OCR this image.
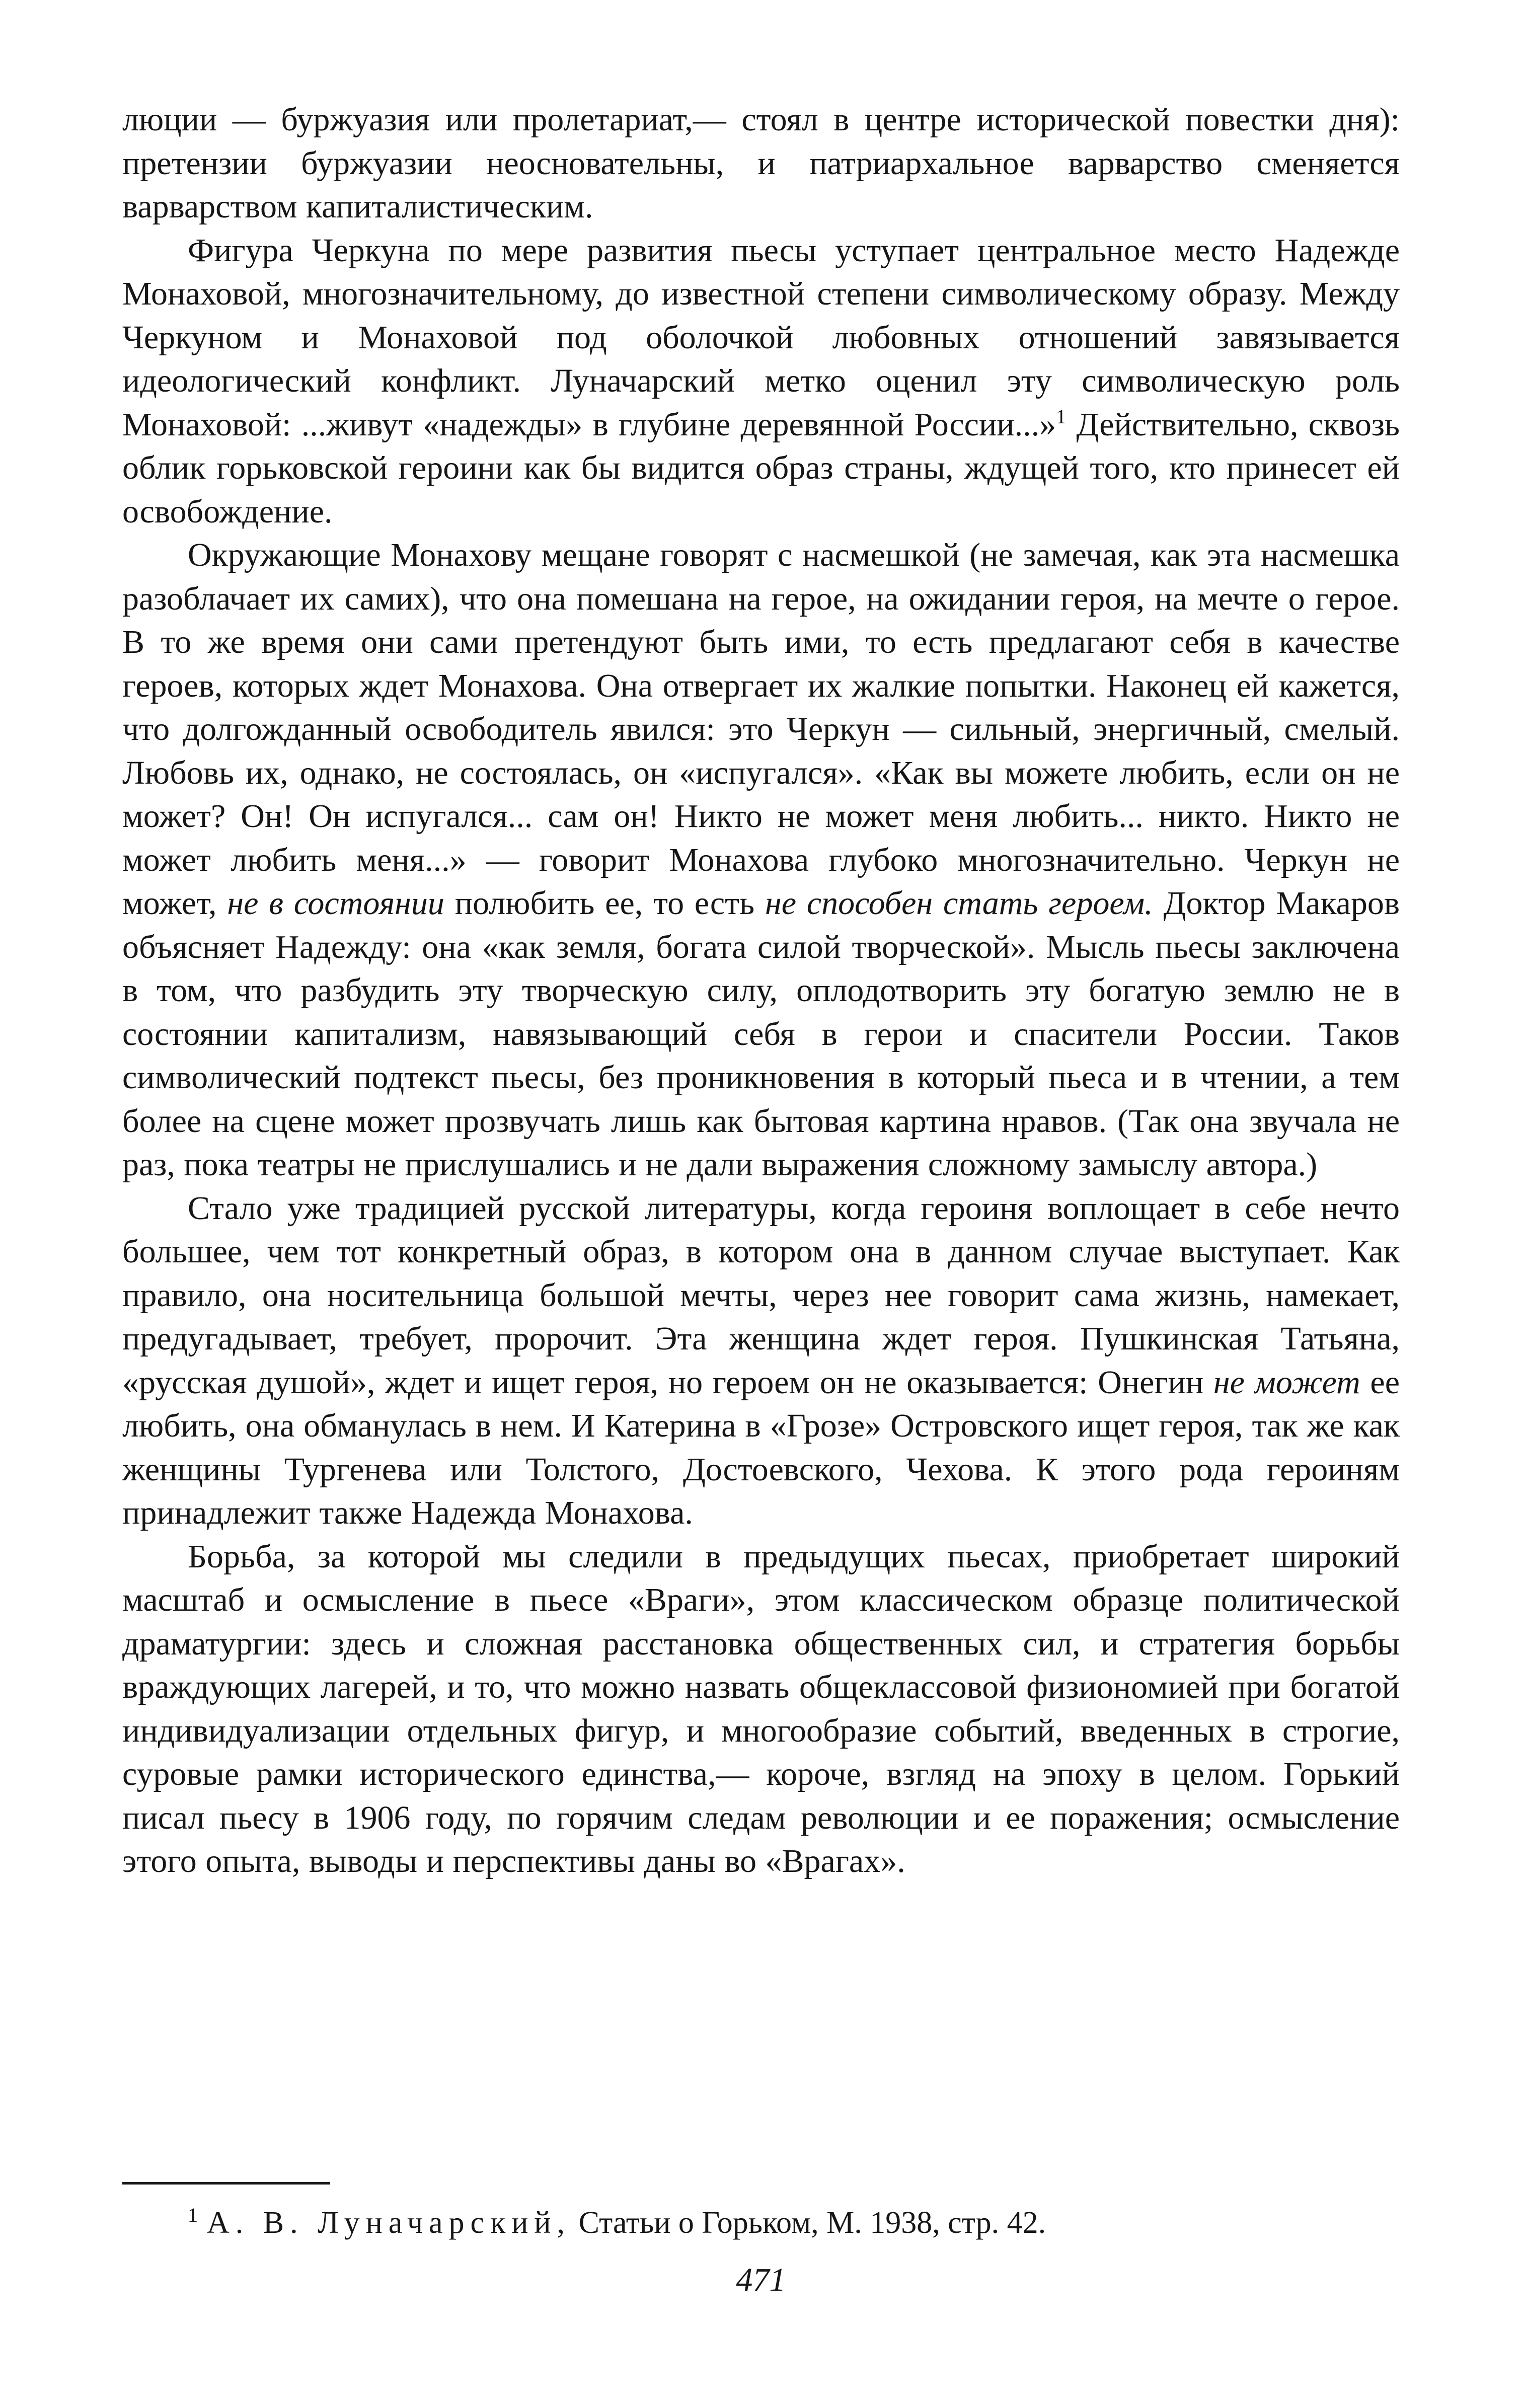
люции — буржуазия или пролетариат,— стоял в центре исторической повестки дня): претензии буржуазии неосновательны, и патриархальное варварство сменяется варварством капиталистическим.

Фигура Черкуна по мере развития пьесы уступает центральное место Надежде Монаховой, многозначительному, до известной степени символическому образу. Между Черкуном и Монаховой под оболочкой любовных отношений завязывается идеологический конфликт. Луначарский метко оценил эту символическую роль Монаховой: ...живут «надежды» в глубине деревянной России...»$^1$ Действительно, сквозь облик горьковской героини как бы видится образ страны, ждущей того, кто принесет ей освобождение.

Окружающие Монахову мещане говорят с насмешкой (не замечая, как эта насмешка разоблачает их самих), что она помешана на герое, на ожидании героя, на мечте о герое. В то же время они сами претендуют быть ими, то есть предлагают себя в качестве героев, которых ждет Монахова. Она отвергает их жалкие попытки. Наконец ей кажется, что долгожданный освободитель явился: это Черкун — сильный, энергичный, смелый. Любовь их, однако, не состоялась, он «испугался». «Как вы можете любить, если он не может? Он! Он испугался... сам он! Никто не может меня любить... никто. Никто не может любить меня...» — говорит Монахова глубоко многозначительно. Черкун не может, не в состоянии полюбить ее, то есть не способен стать героем. Доктор Макаров объясняет Надежду: она «как земля, богата силой творческой». Мысль пьесы заключена в том, что разбудить эту творческую силу, оплодотворить эту богатую землю не в состоянии капитализм, навязывающий себя в герои и спасители России. Таков символический подтекст пьесы, без проникновения в который пьеса и в чтении, а тем более на сцене может прозвучать лишь как бытовая картина нравов. (Так она звучала не раз, пока театры не прислушались и не дали выражения сложному замыслу автора.)

Стало уже традицией русской литературы, когда героиня воплощает в себе нечто большее, чем тот конкретный образ, в котором она в данном случае выступает. Как правило, она носительница большой мечты, через нее говорит сама жизнь, намекает, предугадывает, требует, пророчит. Эта женщина ждет героя. Пушкинская Татьяна, «русская душой», ждет и ищет героя, но героем он не оказывается: Онегин не может ее любить, она обманулась в нем. И Катерина в «Грозе» Островского ищет героя, так же как женщины Тургенева или Толстого, Достоевского, Чехова. К этого рода героиням принадлежит также Надежда Монахова.

Борьба, за которой мы следили в предыдущих пьесах, приобретает широкий масштаб и осмысление в пьесе «Враги», этом классическом образце политической драматургии: здесь и сложная расстановка общественных сил, и стратегия борьбы враждующих лагерей, и то, что можно назвать общеклассовой физиономией при богатой индивидуализации отдельных фигур, и многообразие событий, введенных в строгие, суровые рамки исторического единства,— короче, взгляд на эпоху в целом. Горький писал пьесу в 1906 году, по горячим следам революции и ее поражения; осмысление этого опыта, выводы и перспективы даны во «Врагах».

$^1$ А. В. Луначарский, Статьи о Горьком, М. 1938, стр. 42.

471
